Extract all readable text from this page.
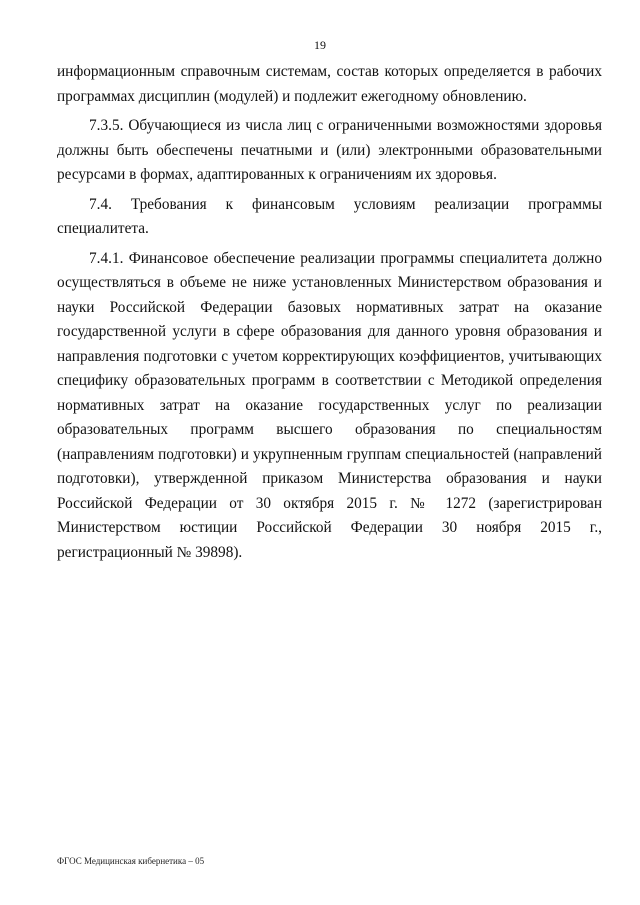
19

информационным справочным системам, состав которых определяется в рабочих программах дисциплин (модулей) и подлежит ежегодному обновлению.

7.3.5. Обучающиеся из числа лиц с ограниченными возможностями здоровья должны быть обеспечены печатными и (или) электронными образовательными ресурсами в формах, адаптированных к ограничениям их здоровья.

7.4. Требования к финансовым условиям реализации программы специалитета.

7.4.1. Финансовое обеспечение реализации программы специалитета должно осуществляться в объеме не ниже установленных Министерством образования и науки Российской Федерации базовых нормативных затрат на оказание государственной услуги в сфере образования для данного уровня образования и направления подготовки с учетом корректирующих коэффициентов, учитывающих специфику образовательных программ в соответствии с Методикой определения нормативных затрат на оказание государственных услуг по реализации образовательных программ высшего образования по специальностям (направлениям подготовки) и укрупненным группам специальностей (направлений подготовки), утвержденной приказом Министерства образования и науки Российской Федерации от 30 октября 2015 г. № 1272 (зарегистрирован Министерством юстиции Российской Федерации 30 ноября 2015 г., регистрационный № 39898).

ФГОС Медицинская кибернетика – 05
